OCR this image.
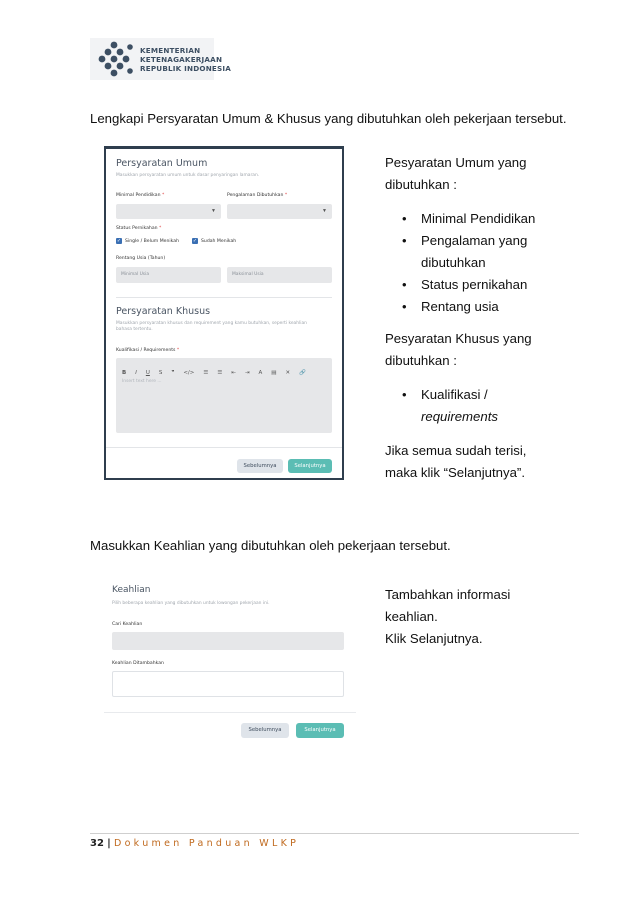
KEMENTERIAN
KETENAGAKERJAAN
REPUBLIK INDONESIA
Lengkapi Persyaratan Umum & Khusus yang dibutuhkan oleh pekerjaan tersebut.
Persyaratan Umum
Masukkan persyaratan umum untuk dasar penyaringan lamaran.
Minimal Pendidikan *	Pengalaman Dibutuhkan *
▼	▼
Status Pernikahan *
✓ Single / Belum Menikah	✓ Sudah Menikah
Rentang Usia (Tahun)
Minimal Usia	Maksimal Usia
Persyaratan Khusus
Masukkan persyaratan khusus dan requirement yang kamu butuhkan, seperti keahlian
bahasa tertentu.
Kualifikasi / Requirements *
B I U S ❞ </> ☰ ☰ ⇤ ⇥ A ▤ ✕ 🔗
Insert text here ...
Sebelumnya	Selanjutnya
Pesyaratan Umum yang
dibutuhkan :
• Minimal Pendidikan
• Pengalaman yang
dibutuhkan
• Status pernikahan
• Rentang usia
Pesyaratan Khusus yang
dibutuhkan :
• Kualifikasi /
requirements
Jika semua sudah terisi,
maka klik “Selanjutnya”.
Masukkan Keahlian yang dibutuhkan oleh pekerjaan tersebut.
Keahlian
Pilih beberapa keahlian yang dibutuhkan untuk lowongan pekerjaan ini.
Cari Keahlian
Keahlian Ditambahkan
Sebelumnya	Selanjutnya
Tambahkan informasi
keahlian.
Klik Selanjutnya.
32 | Dokumen Panduan WLKP
